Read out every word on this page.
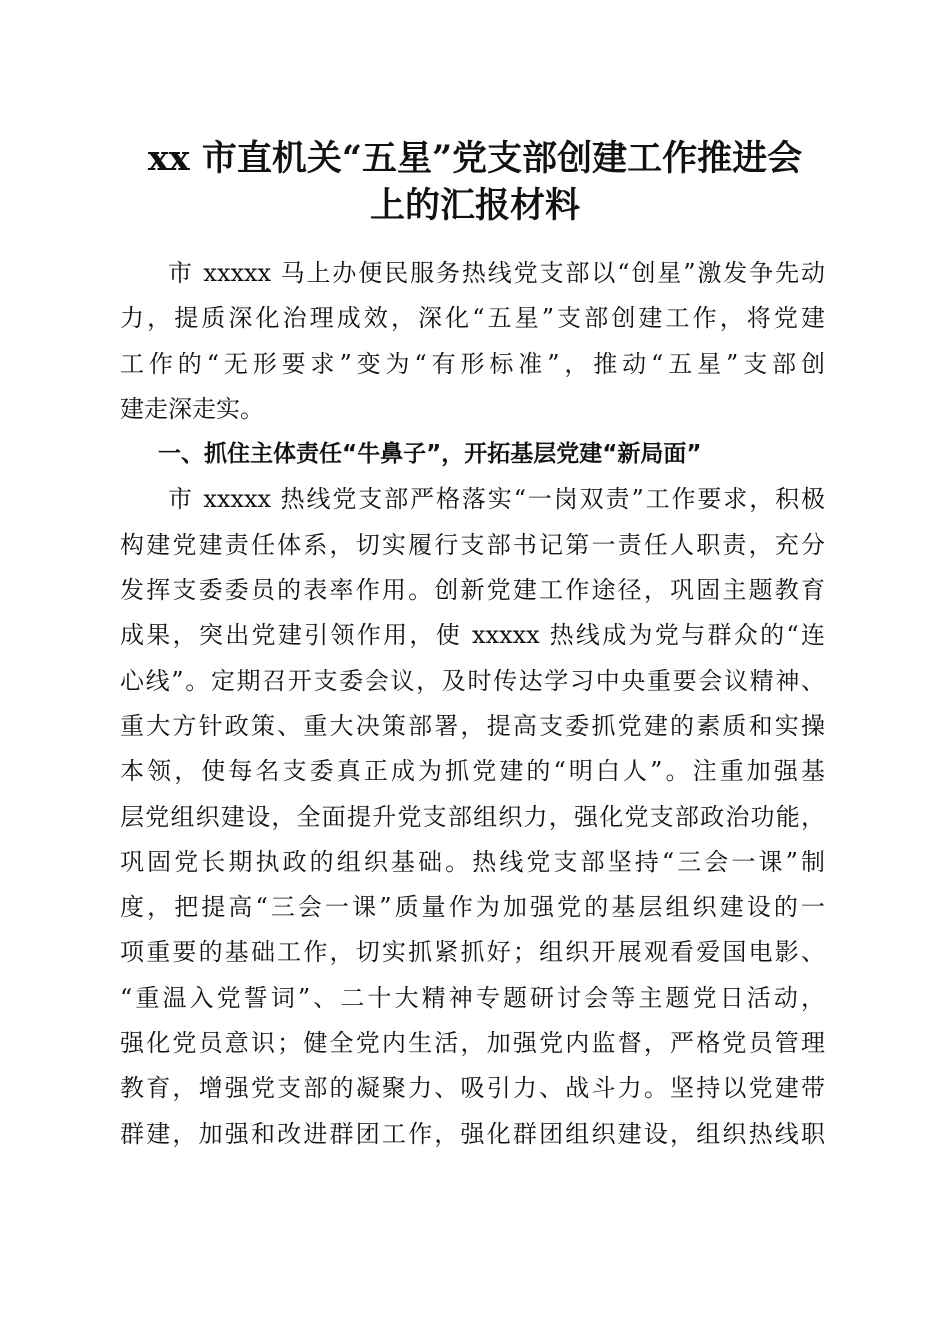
xx 市直机关“五星”党支部创建工作推进会
上的汇报材料
市 xxxxx 马上办便民服务热线党支部以“创星”激发争先动
力，提质深化治理成效，深化“五星”支部创建工作，将党建
工作的“无形要求”变为“有形标准”，推动“五星”支部创
建走深走实。
一、抓住主体责任“牛鼻子”，开拓基层党建“新局面”
市 xxxxx 热线党支部严格落实“一岗双责”工作要求，积极
构建党建责任体系，切实履行支部书记第一责任人职责，充分
发挥支委委员的表率作用。创新党建工作途径，巩固主题教育
成果，突出党建引领作用，使 xxxxx 热线成为党与群众的“连
心线”。定期召开支委会议，及时传达学习中央重要会议精神、
重大方针政策、重大决策部署，提高支委抓党建的素质和实操
本领，使每名支委真正成为抓党建的“明白人”。注重加强基
层党组织建设，全面提升党支部组织力，强化党支部政治功能，
巩固党长期执政的组织基础。热线党支部坚持“三会一课”制
度，把提高“三会一课”质量作为加强党的基层组织建设的一
项重要的基础工作，切实抓紧抓好；组织开展观看爱国电影、
“重温入党誓词”、二十大精神专题研讨会等主题党日活动，
强化党员意识；健全党内生活，加强党内监督，严格党员管理
教育，增强党支部的凝聚力、吸引力、战斗力。坚持以党建带
群建，加强和改进群团工作，强化群团组织建设，组织热线职
